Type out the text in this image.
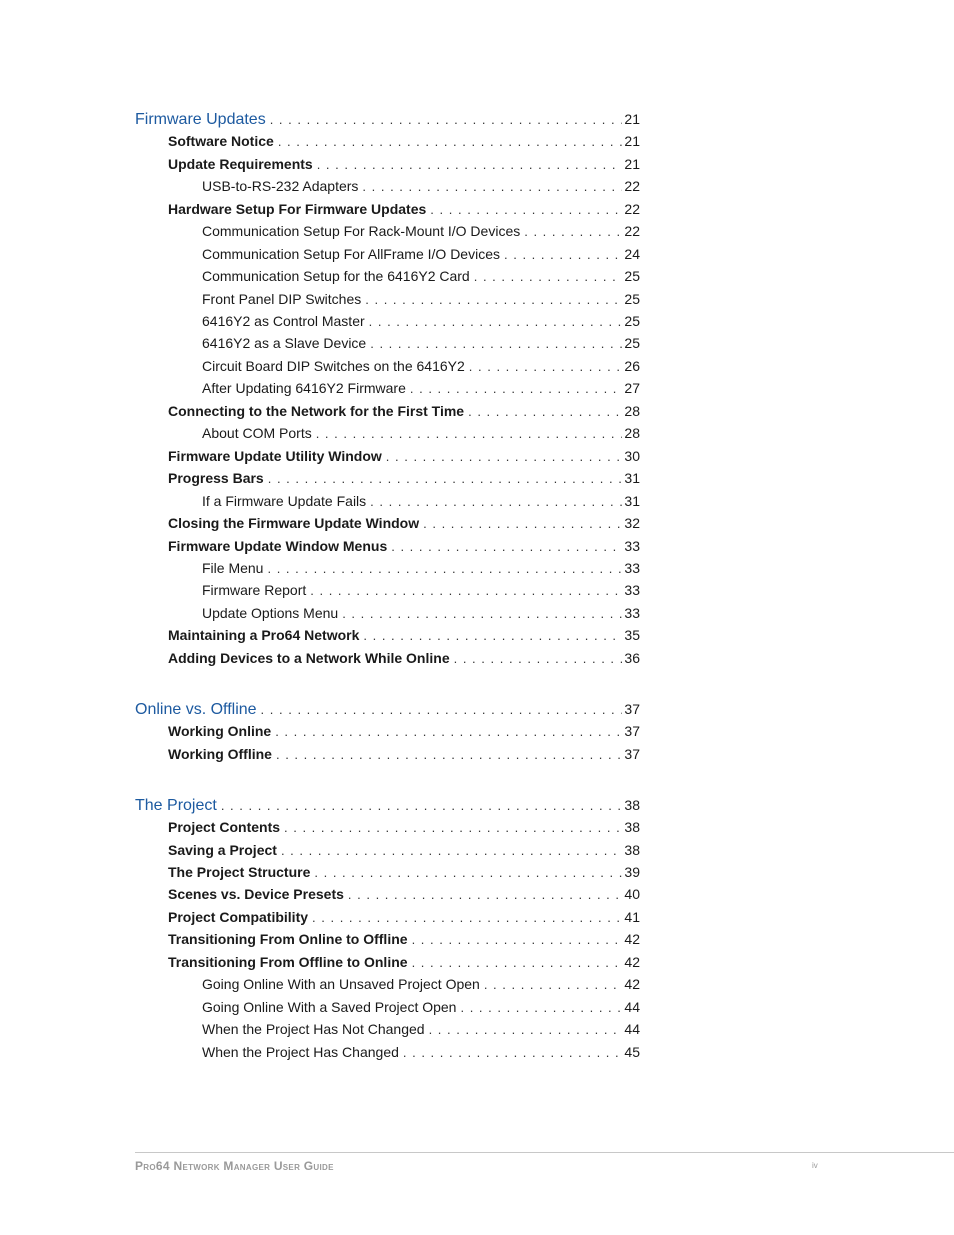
Firmware Updates . . .	21
Software Notice . . .	21
Update Requirements . . .	21
USB-to-RS-232 Adapters . . .	22
Hardware Setup For Firmware Updates . . .	22
Communication Setup For Rack-Mount I/O Devices . . .	22
Communication Setup For AllFrame I/O Devices . . .	24
Communication Setup for the 6416Y2 Card . . .	25
Front Panel DIP Switches . . .	25
6416Y2 as Control Master . . .	25
6416Y2 as a Slave Device . . .	25
Circuit Board DIP Switches on the 6416Y2 . . .	26
After Updating 6416Y2 Firmware . . .	27
Connecting to the Network for the First Time . . .	28
About COM Ports . . .	28
Firmware Update Utility Window . . .	30
Progress Bars . . .	31
If a Firmware Update Fails . . .	31
Closing the Firmware Update Window . . .	32
Firmware Update Window Menus . . .	33
File Menu . . .	33
Firmware Report . . .	33
Update Options Menu . . .	33
Maintaining a Pro64 Network . . .	35
Adding Devices to a Network While Online . . .	36
Online vs. Offline . . .	37
Working Online . . .	37
Working Offline . . .	37
The Project . . .	38
Project Contents . . .	38
Saving a Project . . .	38
The Project Structure . . .	39
Scenes vs. Device Presets . . .	40
Project Compatibility . . .	41
Transitioning From Online to Offline . . .	42
Transitioning From Offline to Online . . .	42
Going Online With an Unsaved Project Open . . .	42
Going Online With a Saved Project Open . . .	44
When the Project Has Not Changed . . .	44
When the Project Has Changed . . .	45
Pro64 Network Manager User Guide	iv
